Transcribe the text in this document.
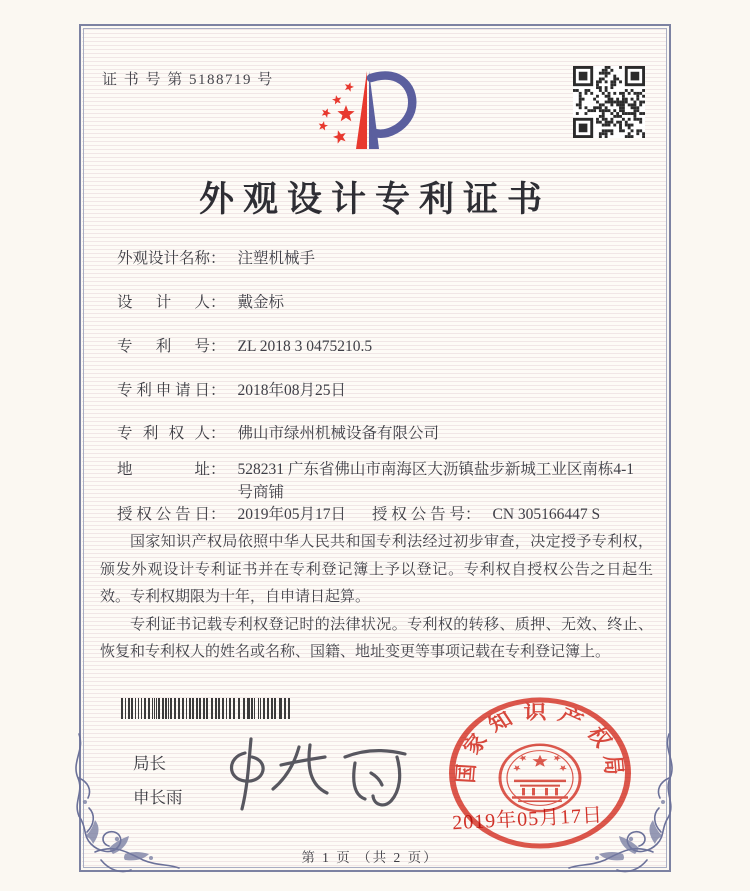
证 书 号 第 5188719 号
外观设计专利证书
外观设计名称： 注塑机械手
设计人： 戴金标
专利号： ZL 2018 3 0475210.5
专利申请日： 2018年08月25日
专利权人： 佛山市绿州机械设备有限公司
地址： 528231 广东省佛山市南海区大沥镇盐步新城工业区南栋4-1号商铺
授权公告日： 2019年05月17日 授权公告号： CN 305166447 S

国家知识产权局依照中华人民共和国专利法经过初步审查，决定授予专利权，颁发外观设计专利证书并在专利登记簿上予以登记。专利权自授权公告之日起生效。专利权期限为十年，自申请日起算。

专利证书记载专利权登记时的法律状况。专利权的转移、质押、无效、终止、恢复和专利权人的姓名或名称、国籍、地址变更等事项记载在专利登记簿上。

局长
申长雨
国家知识产权局
2019年05月17日
第 1 页 （共 2 页）
